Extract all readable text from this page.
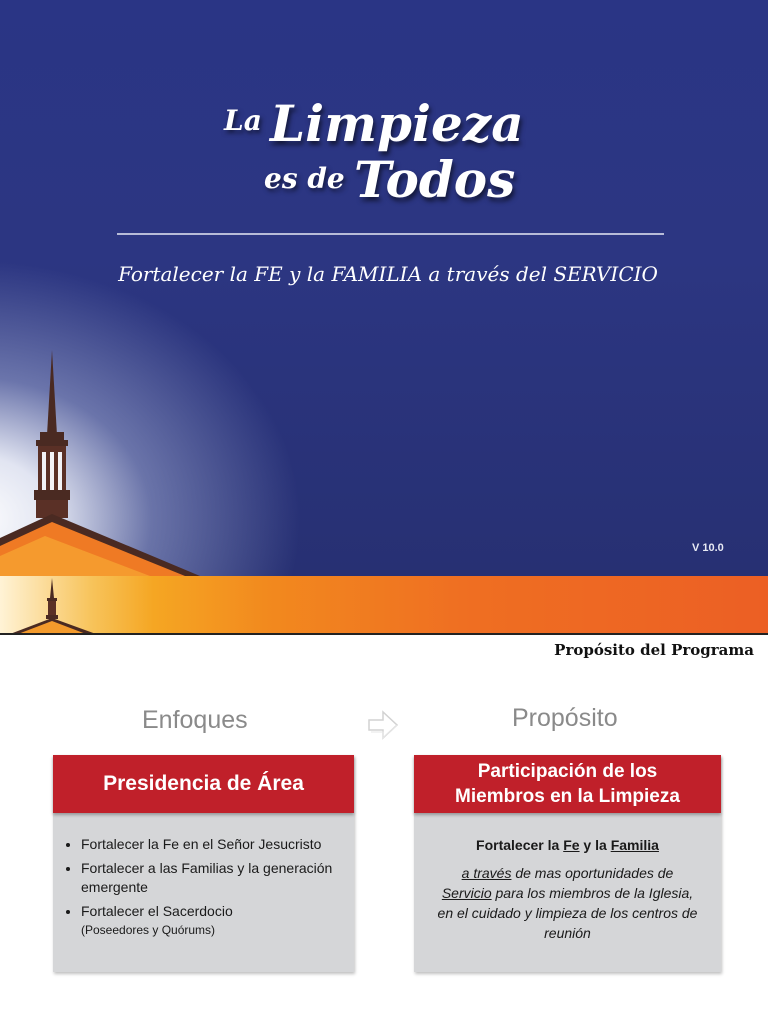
La Limpieza
es de Todos
Fortalecer la FE y la FAMILIA a través del SERVICIO
V 10.0
Propósito del Programa
Enfoques	Propósito
Presidencia de Área
• Fortalecer la Fe en el Señor Jesucristo
• Fortalecer a las Familias y la generación emergente
• Fortalecer el Sacerdocio
(Poseedores y Quórums)
Participación de los
Miembros en la Limpieza
Fortalecer la Fe y la Familia
a través de mas oportunidades de
Servicio para los miembros de la Iglesia,
en el cuidado y limpieza de los centros de reunión
